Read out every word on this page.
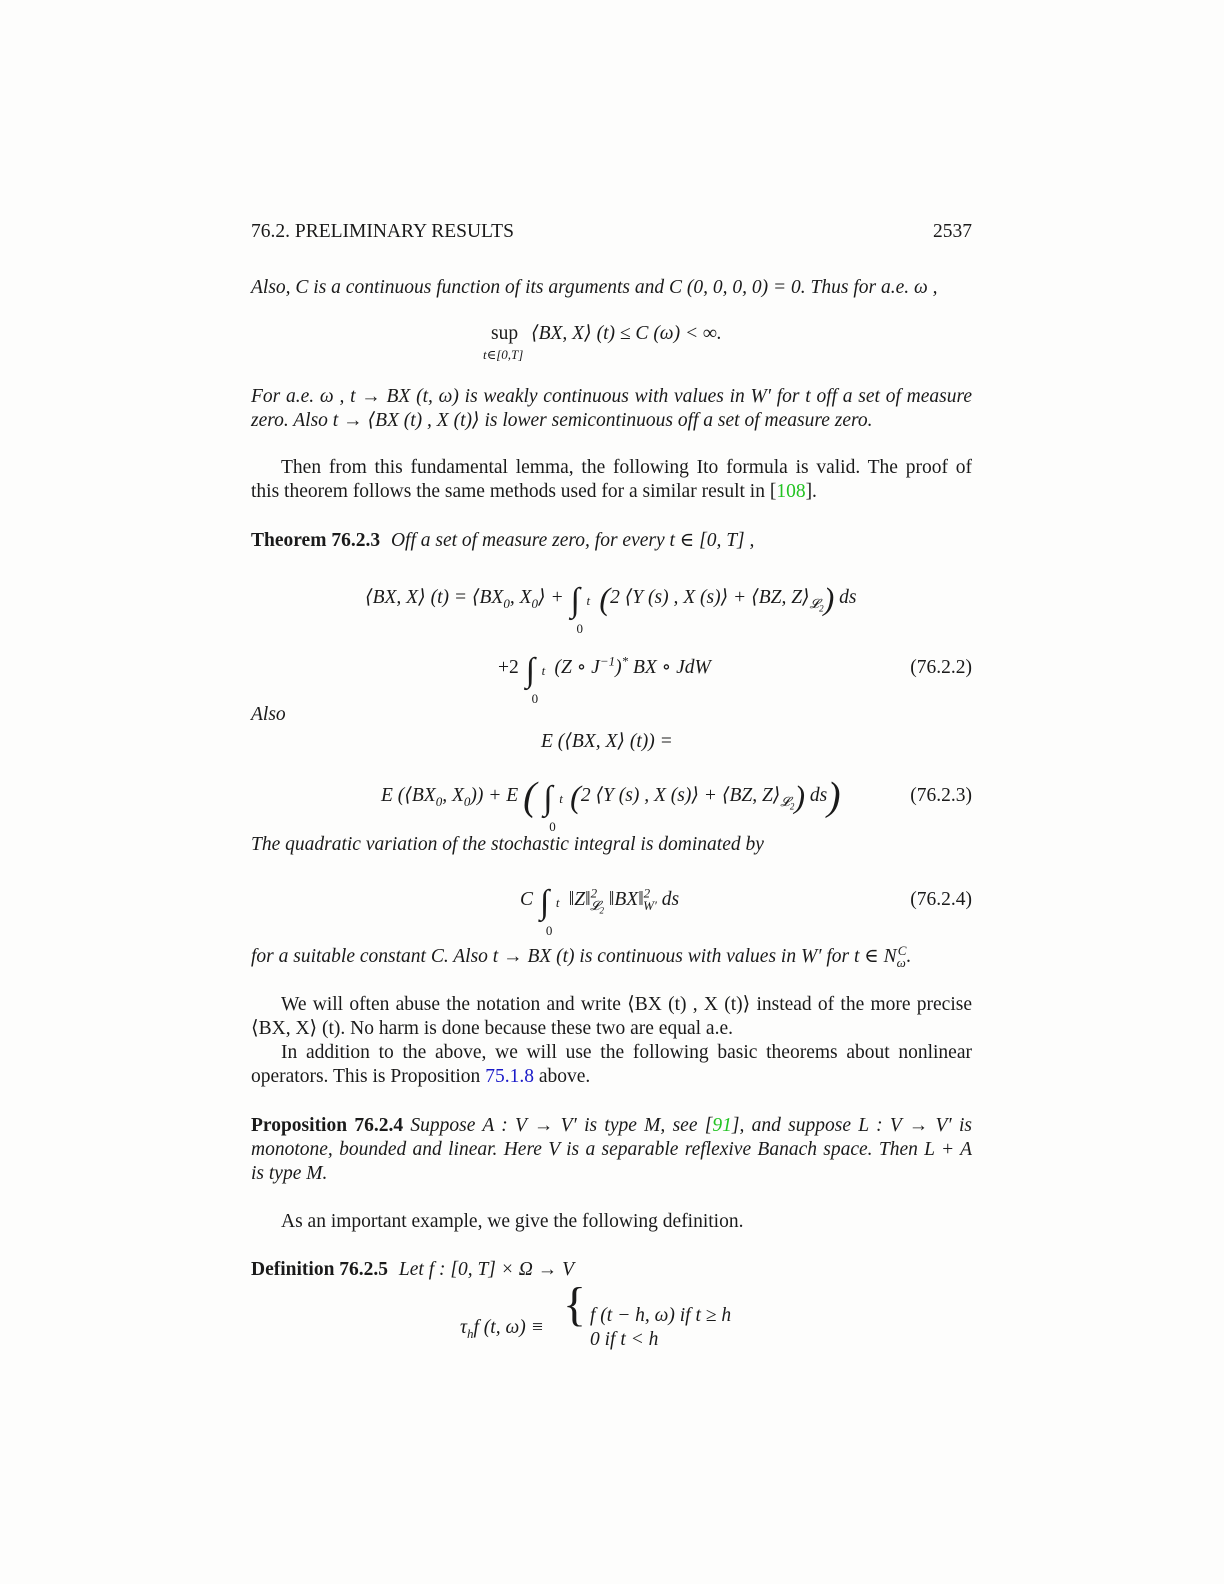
76.2. PRELIMINARY RESULTS	2537
Also, C is a continuous function of its arguments and C (0, 0, 0, 0) = 0. Thus for a.e. ω ,
sup
t∈[0,T]
⟨BX, X⟩ (t) ≤ C (ω) < ∞.
For a.e. ω , t → BX (t, ω) is weakly continuous with values in W′ for t off a set of measure
zero. Also t → ⟨BX (t) , X (t)⟩ is lower semicontinuous off a set of measure zero.
Then from this fundamental lemma, the following Ito formula is valid. The proof of
this theorem follows the same methods used for a similar result in [108].
Theorem 76.2.3 Off a set of measure zero, for every t ∈ [0, T] ,
⟨BX, X⟩ $(t) = ⟨BX_0$, $X_0⟩$ + ∫ t
0
(2 ⟨Y (s) , X (s)⟩ + ⟨BZ, $Z⟩_{𝓛_2}$) ds
+2 ∫ t
0
(Z ∘ $J^{-1})^*$ BX ∘ JdW	(76.2.2)
Also
E (⟨BX, X⟩ (t)) =
E ($⟨BX_0$, $X_0)) + E$ ( ∫ t
0
(2 ⟨Y (s) , X (s)⟩ + ⟨BZ, $Z⟩_{𝓛_2}$) ds)	(76.2.3)
The quadratic variation of the stochastic integral is dominated by
C ∫ t
0
‖Z‖$^2_{𝓛_2}$ ‖BX‖$^2_{W'}$ ds	(76.2.4)
for a suitable constant C. Also t → BX (t) is continuous with values in W′ for t ∈ $N_\omega^C$.
We will often abuse the notation and write ⟨BX (t) , X (t)⟩ instead of the more precise
⟨BX, X⟩ (t). No harm is done because these two are equal a.e.
In addition to the above, we will use the following basic theorems about nonlinear
operators. This is Proposition 75.1.8 above.
Proposition 76.2.4 Suppose A : V → V′ is type M, see [91], and suppose L : V → V′ is
monotone, bounded and linear. Here V is a separable reflexive Banach space. Then L + A
is type M.
As an important example, we give the following definition.
Definition 76.2.5 Let f : [0, T] × Ω → V
$\tau_hf$ (t, ω) ≡ { f (t − h, ω) if t ≥ h
0 if t < h
